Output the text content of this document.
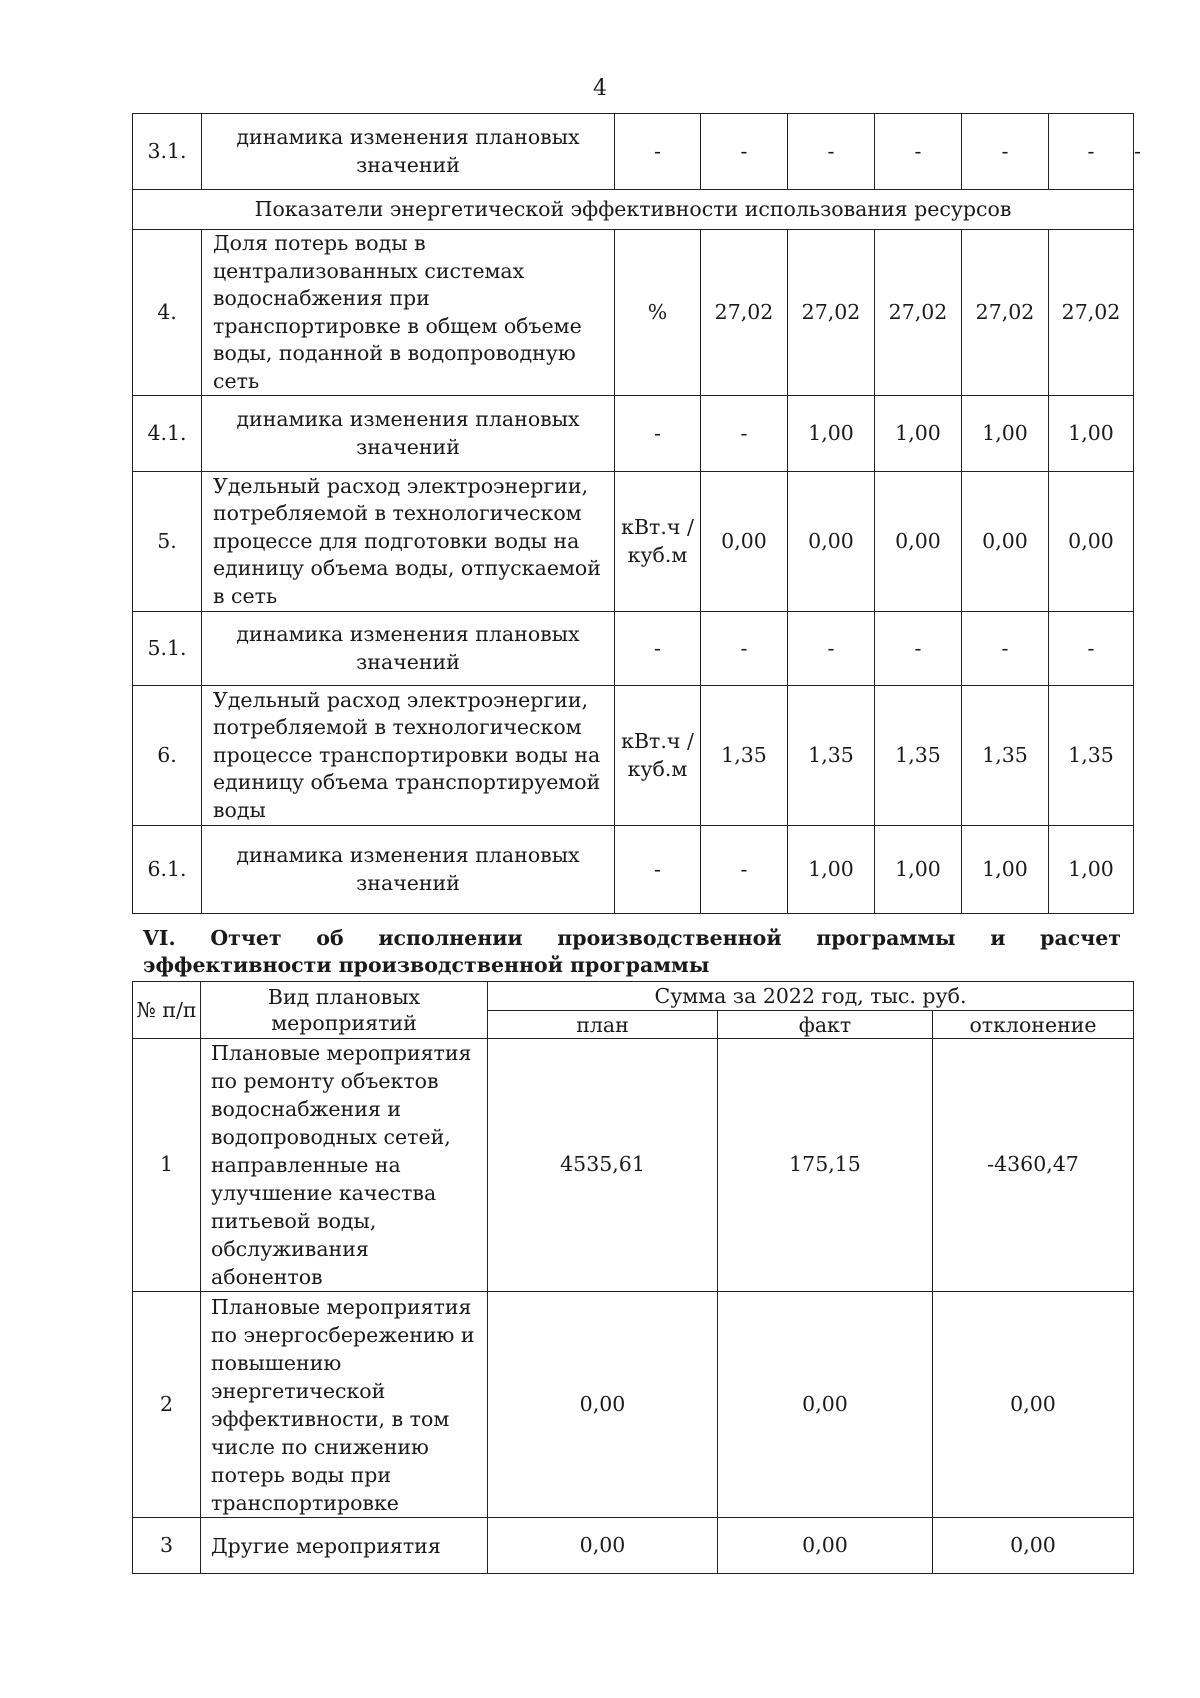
4
3.1.	динамика изменения плановых значений	-	-	-	-	-	-	-
Показатели энергетической эффективности использования ресурсов								
4.	Доля потерь воды в централизованных системах водоснабжения при транспортировке в общем объеме воды, поданной в водопроводную сеть	%	27,02	27,02	27,02	27,02	27,02	
4.1.	динамика изменения плановых значений	-	-	1,00	1,00	1,00	1,00	
5.	Удельный расход электроэнергии, потребляемой в технологическом процессе для подготовки воды на единицу объема воды, отпускаемой в сеть	кВт.ч / куб.м	0,00	0,00	0,00	0,00	0,00	
5.1.	динамика изменения плановых значений	-	-	-	-	-	-	
6.	Удельный расход электроэнергии, потребляемой в технологическом процессе транспортировки воды на единицу объема транспортируемой воды	кВт.ч / куб.м	1,35	1,35	1,35	1,35	1,35	
6.1.	динамика изменения плановых значений	-	-	1,00	1,00	1,00	1,00	
VI. Отчет об исполнении производственной программы и расчет эффективности производственной программы
№ п/п	Вид плановых мероприятий	Сумма за 2022 год, тыс. руб.		
		план	факт	отклонение
1	Плановые мероприятия по ремонту объектов водоснабжения и водопроводных сетей, направленные на улучшение качества питьевой воды, обслуживания абонентов	4535,61	175,15	-4360,47
2	Плановые мероприятия по энергосбережению и повышению энергетической эффективности, в том числе по снижению потерь воды при транспортировке	0,00	0,00	0,00
3	Другие мероприятия	0,00	0,00	0,00
